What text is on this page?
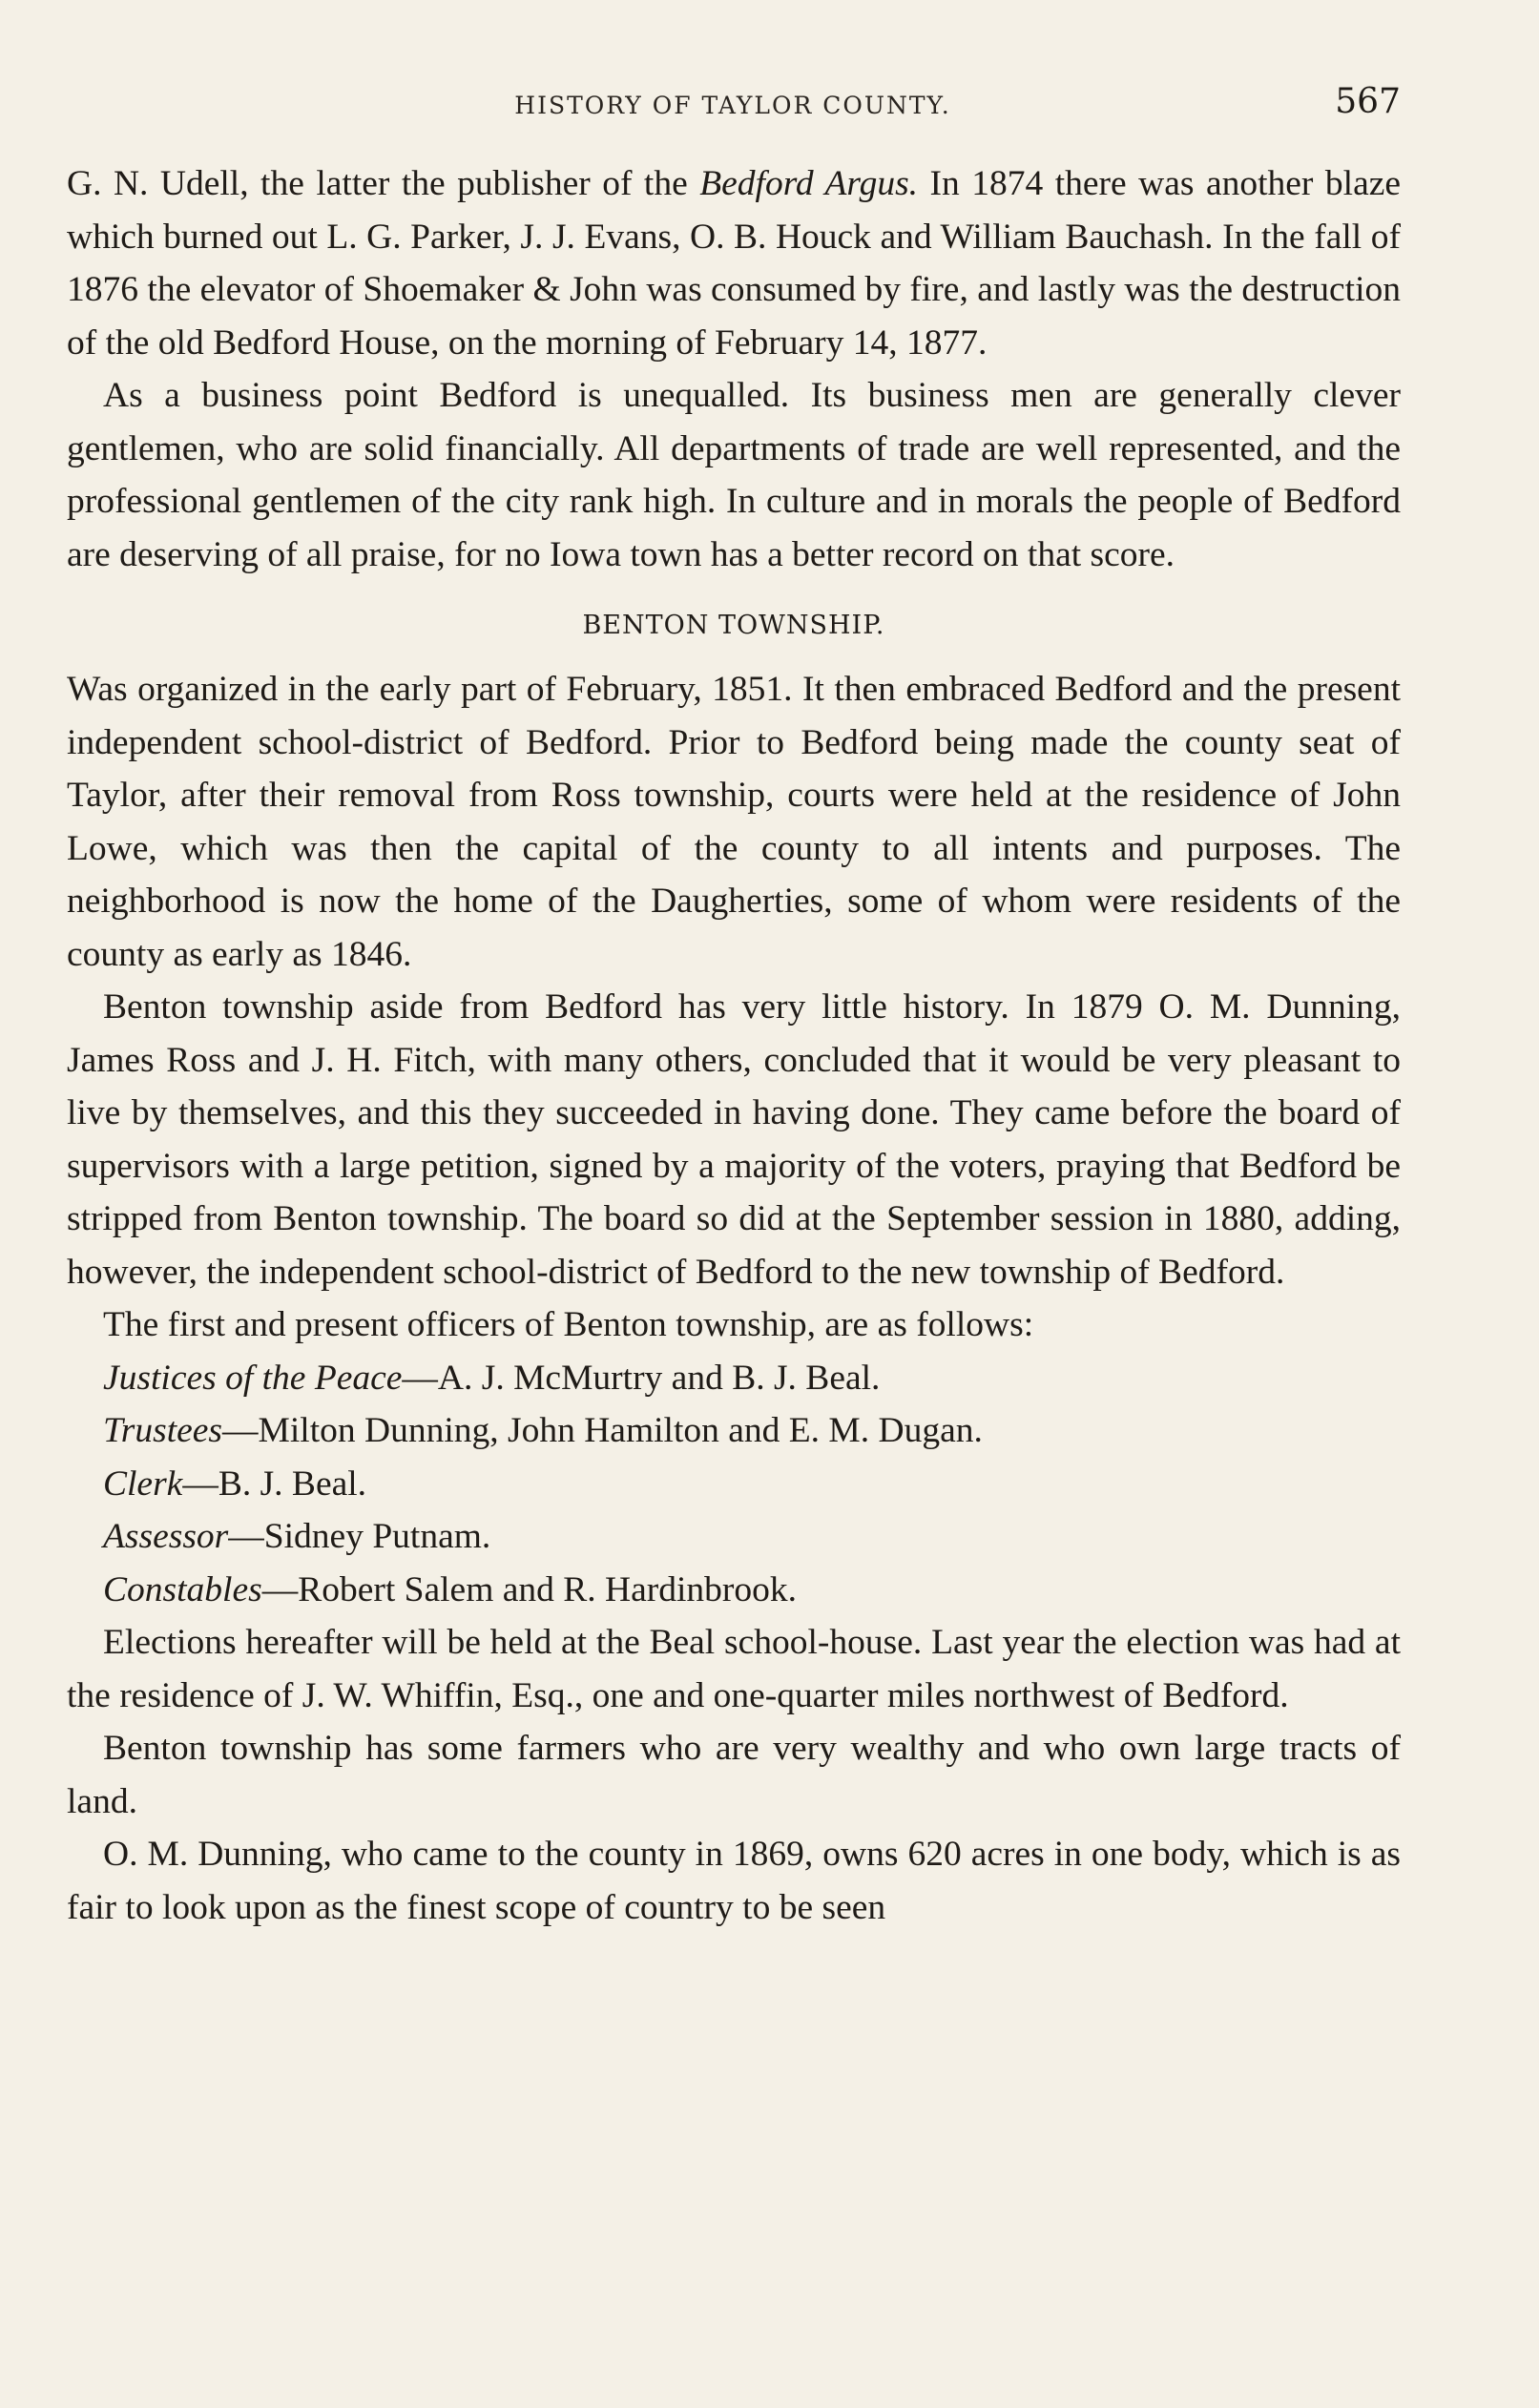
HISTORY OF TAYLOR COUNTY.	567

G. N. Udell, the latter the publisher of the Bedford Argus. In 1874 there was another blaze which burned out L. G. Parker, J. J. Evans, O. B. Houck and William Bauchash. In the fall of 1876 the elevator of Shoemaker & John was consumed by fire, and lastly was the destruction of the old Bedford House, on the morning of February 14, 1877.

As a business point Bedford is unequalled. Its business men are generally clever gentlemen, who are solid financially. All departments of trade are well represented, and the professional gentlemen of the city rank high. In culture and in morals the people of Bedford are deserving of all praise, for no Iowa town has a better record on that score.

BENTON TOWNSHIP.

Was organized in the early part of February, 1851. It then embraced Bedford and the present independent school-district of Bedford. Prior to Bedford being made the county seat of Taylor, after their removal from Ross township, courts were held at the residence of John Lowe, which was then the capital of the county to all intents and purposes. The neighborhood is now the home of the Daugherties, some of whom were residents of the county as early as 1846.

Benton township aside from Bedford has very little history. In 1879 O. M. Dunning, James Ross and J. H. Fitch, with many others, concluded that it would be very pleasant to live by themselves, and this they succeeded in having done. They came before the board of supervisors with a large petition, signed by a majority of the voters, praying that Bedford be stripped from Benton township. The board so did at the September session in 1880, adding, however, the independent school-district of Bedford to the new township of Bedford.

The first and present officers of Benton township, are as follows:

Justices of the Peace—A. J. McMurtry and B. J. Beal.

Trustees—Milton Dunning, John Hamilton and E. M. Dugan.

Clerk—B. J. Beal.

Assessor—Sidney Putnam.

Constables—Robert Salem and R. Hardinbrook.

Elections hereafter will be held at the Beal school-house. Last year the election was had at the residence of J. W. Whiffin, Esq., one and one-quarter miles northwest of Bedford.

Benton township has some farmers who are very wealthy and who own large tracts of land.

O. M. Dunning, who came to the county in 1869, owns 620 acres in one body, which is as fair to look upon as the finest scope of country to be seen
